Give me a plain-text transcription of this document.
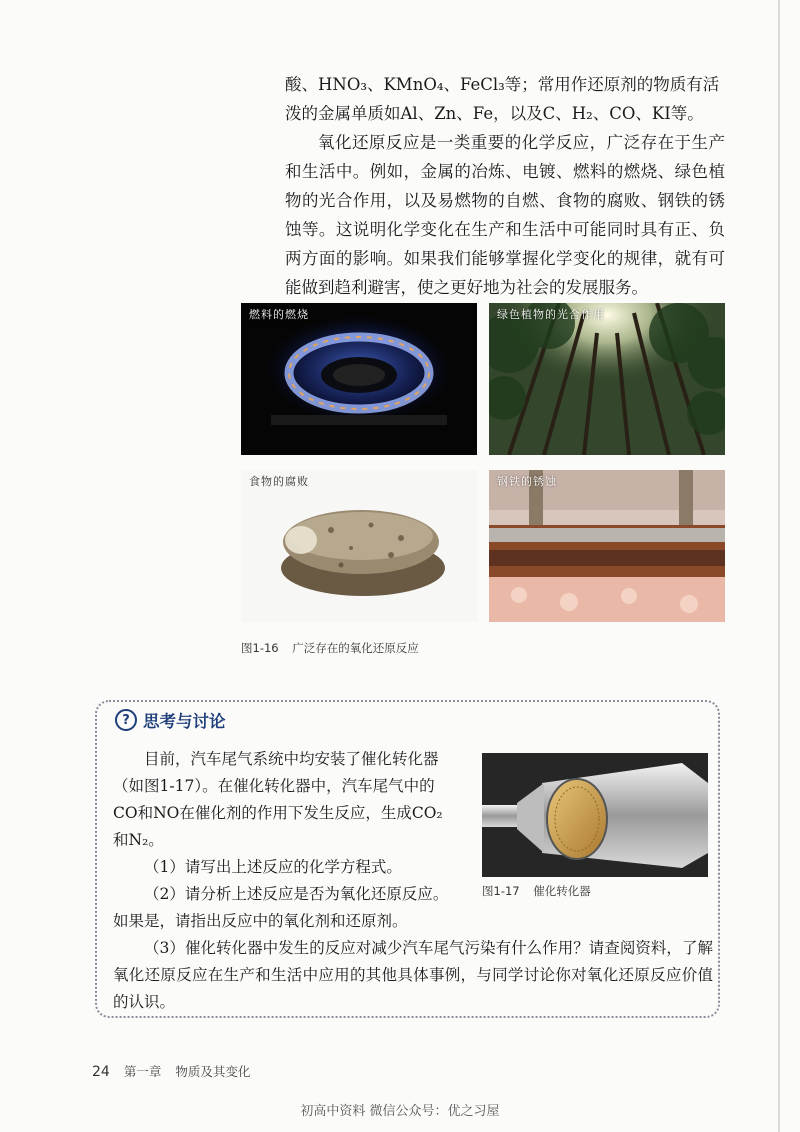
酸、HNO₃、KMnO₄、FeCl₃等；常用作还原剂的物质有活

泼的金属单质如Al、Zn、Fe，以及C、H₂、CO、KI等。

氧化还原反应是一类重要的化学反应，广泛存在于生产和生活中。例如，金属的冶炼、电镀、燃料的燃烧、绿色植物的光合作用，以及易燃物的自燃、食物的腐败、钢铁的锈蚀等。这说明化学变化在生产和生活中可能同时具有正、负两方面的影响。如果我们能够掌握化学变化的规律，就有可能做到趋利避害，使之更好地为社会的发展服务。

燃料的燃烧	绿色植物的光合作用
食物的腐败	钢铁的锈蚀
图1-16 广泛存在的氧化还原反应
? 思考与讨论

目前，汽车尾气系统中均安装了催化转化器

（如图1-17）。在催化转化器中，汽车尾气中的

CO和NO在催化剂的作用下发生反应，生成CO₂

和N₂。

（1）请写出上述反应的化学方程式。

（2）请分析上述反应是否为氧化还原反应。

如果是，请指出反应中的氧化剂和还原剂。

（3）催化转化器中发生的反应对减少汽车尾气污染有什么作用？请查阅资料，了解氧化还原反应在生产和生活中应用的其他具体事例，与同学讨论你对氧化还原反应价值的认识。

图1-17 催化转化器
24 第一章 物质及其变化
初高中资料 微信公众号：优之习屋
